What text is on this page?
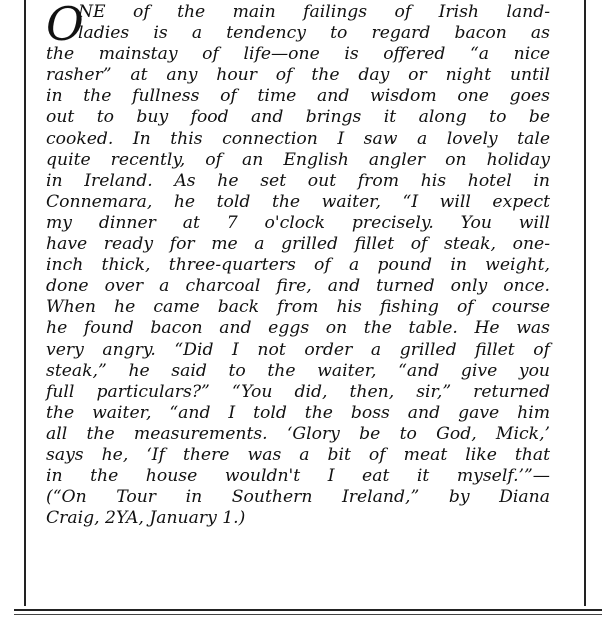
O
NE of the main failings of Irish land-
ladies is a tendency to regard bacon as
the mainstay of life—one is offered “a nice
rasher” at any hour of the day or night until
in the fullness of time and wisdom one goes
out to buy food and brings it along to be
cooked. In this connection I saw a lovely tale
quite recently, of an English angler on holiday
in Ireland. As he set out from his hotel in
Connemara, he told the waiter, “I will expect
my dinner at 7 o'clock precisely. You will
have ready for me a grilled fillet of steak, one-
inch thick, three-quarters of a pound in weight,
done over a charcoal fire, and turned only once.
When he came back from his fishing of course
he found bacon and eggs on the table. He was
very angry. “Did I not order a grilled fillet of
steak,” he said to the waiter, “and give you
full particulars?” “You did, then, sir,” returned
the waiter, “and I told the boss and gave him
all the measurements. ‘Glory be to God, Mick,’
says he, ‘If there was a bit of meat like that
in the house wouldn't I eat it myself.’”—
(“On Tour in Southern Ireland,” by Diana
Craig, 2YA, January 1.)
